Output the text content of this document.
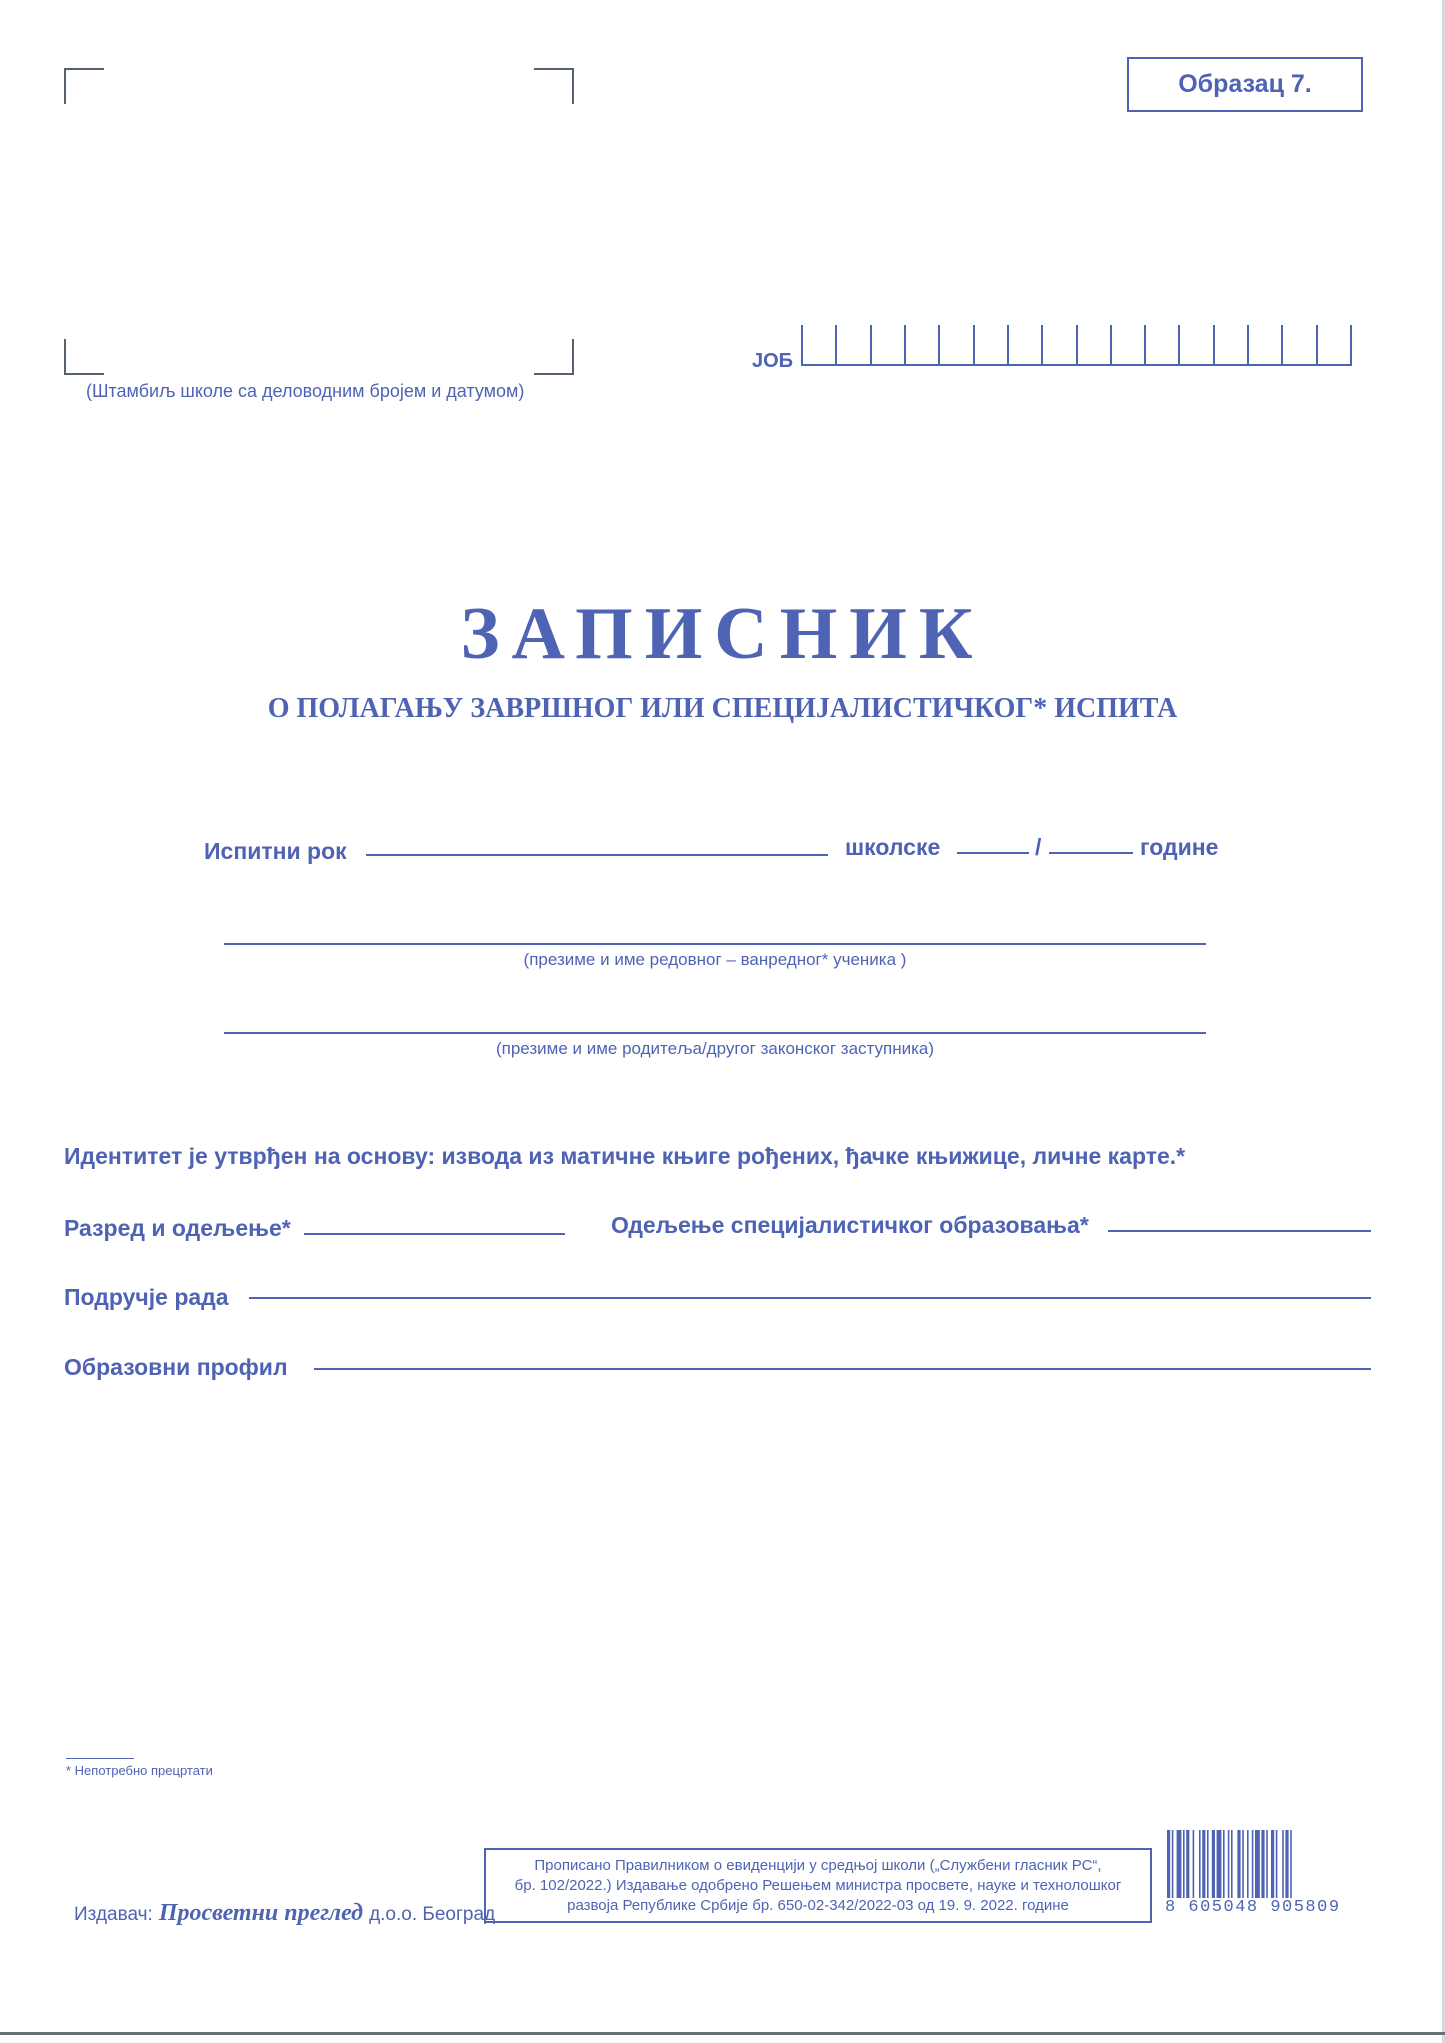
(Штамбиљ школе са деловодним бројем и датумом)
Образац 7.
ЈОБ
ЗАПИСНИК
О ПОЛАГАЊУ ЗАВРШНОГ ИЛИ СПЕЦИЈАЛИСТИЧКОГ* ИСПИТА
Испитни рок	школске	/	године
(презиме и име редовног – ванредног* ученика )
(презиме и име родитеља/другог законског заступника)
Идентитет је утврђен на основу: извода из матичне књиге рођених, ђачке књижице, личне карте.*
Разред и одељење*	Одељење специјалистичког образовања*
Подручје рада
Образовни профил
* Непотребно прецртати
Прописано Правилником о евиденцији у средњој школи („Службени гласник РС“,
бр. 102/2022.) Издавање одобрено Решењем министра просвете, науке и технолошког
развоја Републике Србије бр. 650-02-342/2022-03 од 19. 9. 2022. године
Издавач: Просветни преглед д.о.о. Београд	8 605048 905809
